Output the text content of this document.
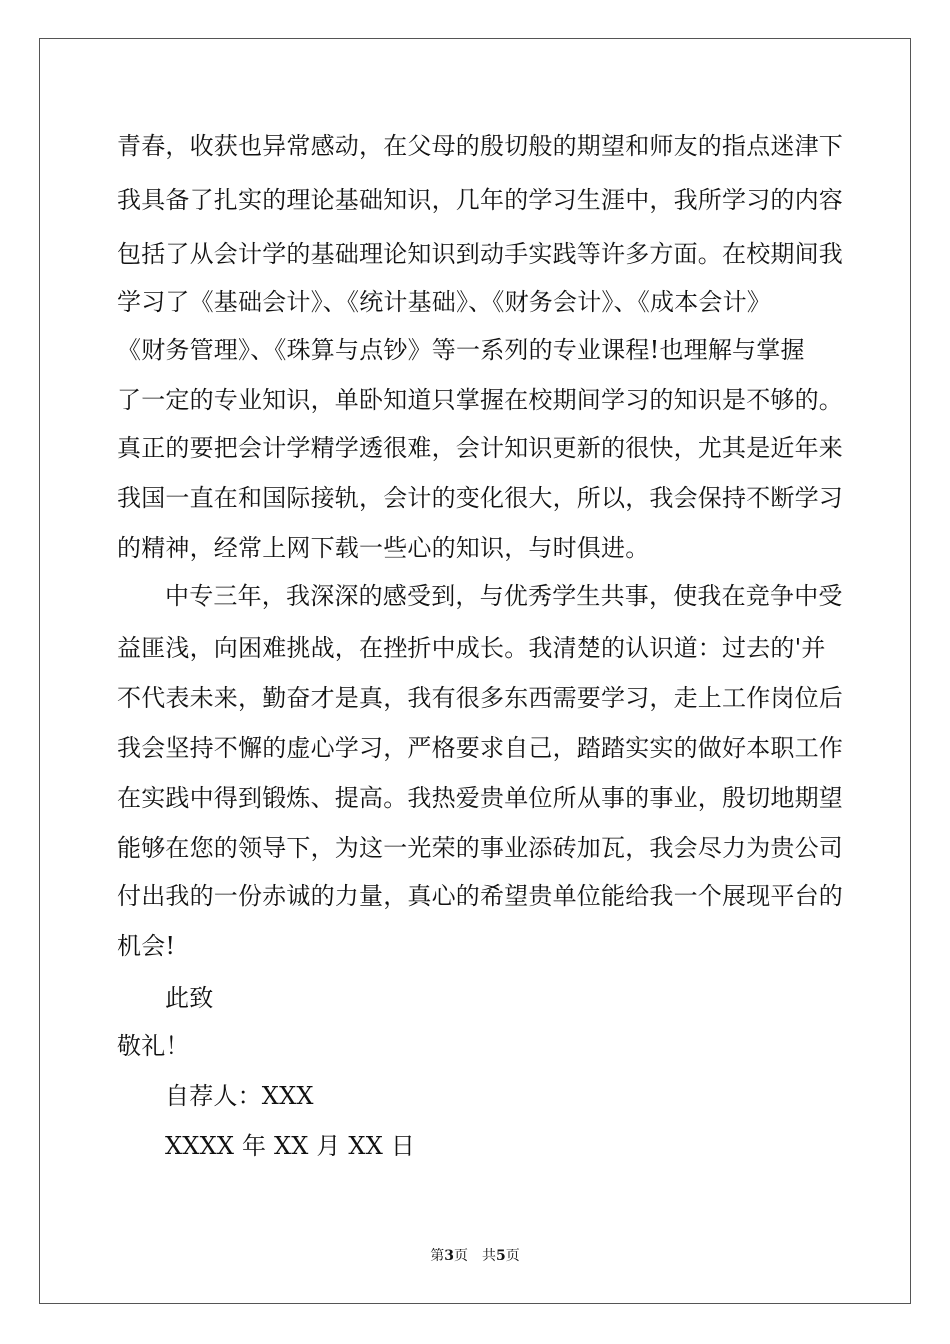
青春，收获也异常感动，在父母的殷切般的期望和师友的指点迷津下
我具备了扎实的理论基础知识，几年的学习生涯中，我所学习的内容
包括了从会计学的基础理论知识到动手实践等许多方面。在校期间我
学习了《基础会计》、《统计基础》、《财务会计》、《成本会计》
《财务管理》、《珠算与点钞》等一系列的专业课程!也理解与掌握
了一定的专业知识，单卧知道只掌握在校期间学习的知识是不够的。
真正的要把会计学精学透很难，会计知识更新的很快，尤其是近年来
我国一直在和国际接轨，会计的变化很大，所以，我会保持不断学习
的精神，经常上网下载一些心的知识，与时俱进。
中专三年，我深深的感受到，与优秀学生共事，使我在竞争中受
益匪浅，向困难挑战，在挫折中成长。我清楚的认识道：过去的'并
不代表未来，勤奋才是真，我有很多东西需要学习，走上工作岗位后
我会坚持不懈的虚心学习，严格要求自己，踏踏实实的做好本职工作
在实践中得到锻炼、提高。我热爱贵单位所从事的事业，殷切地期望
能够在您的领导下，为这一光荣的事业添砖加瓦，我会尽力为贵公司
付出我的一份赤诚的力量，真心的希望贵单位能给我一个展现平台的
机会!
此致
敬礼！
自荐人：XXX
XXXX 年 XX 月 XX 日
第3页 共5页
